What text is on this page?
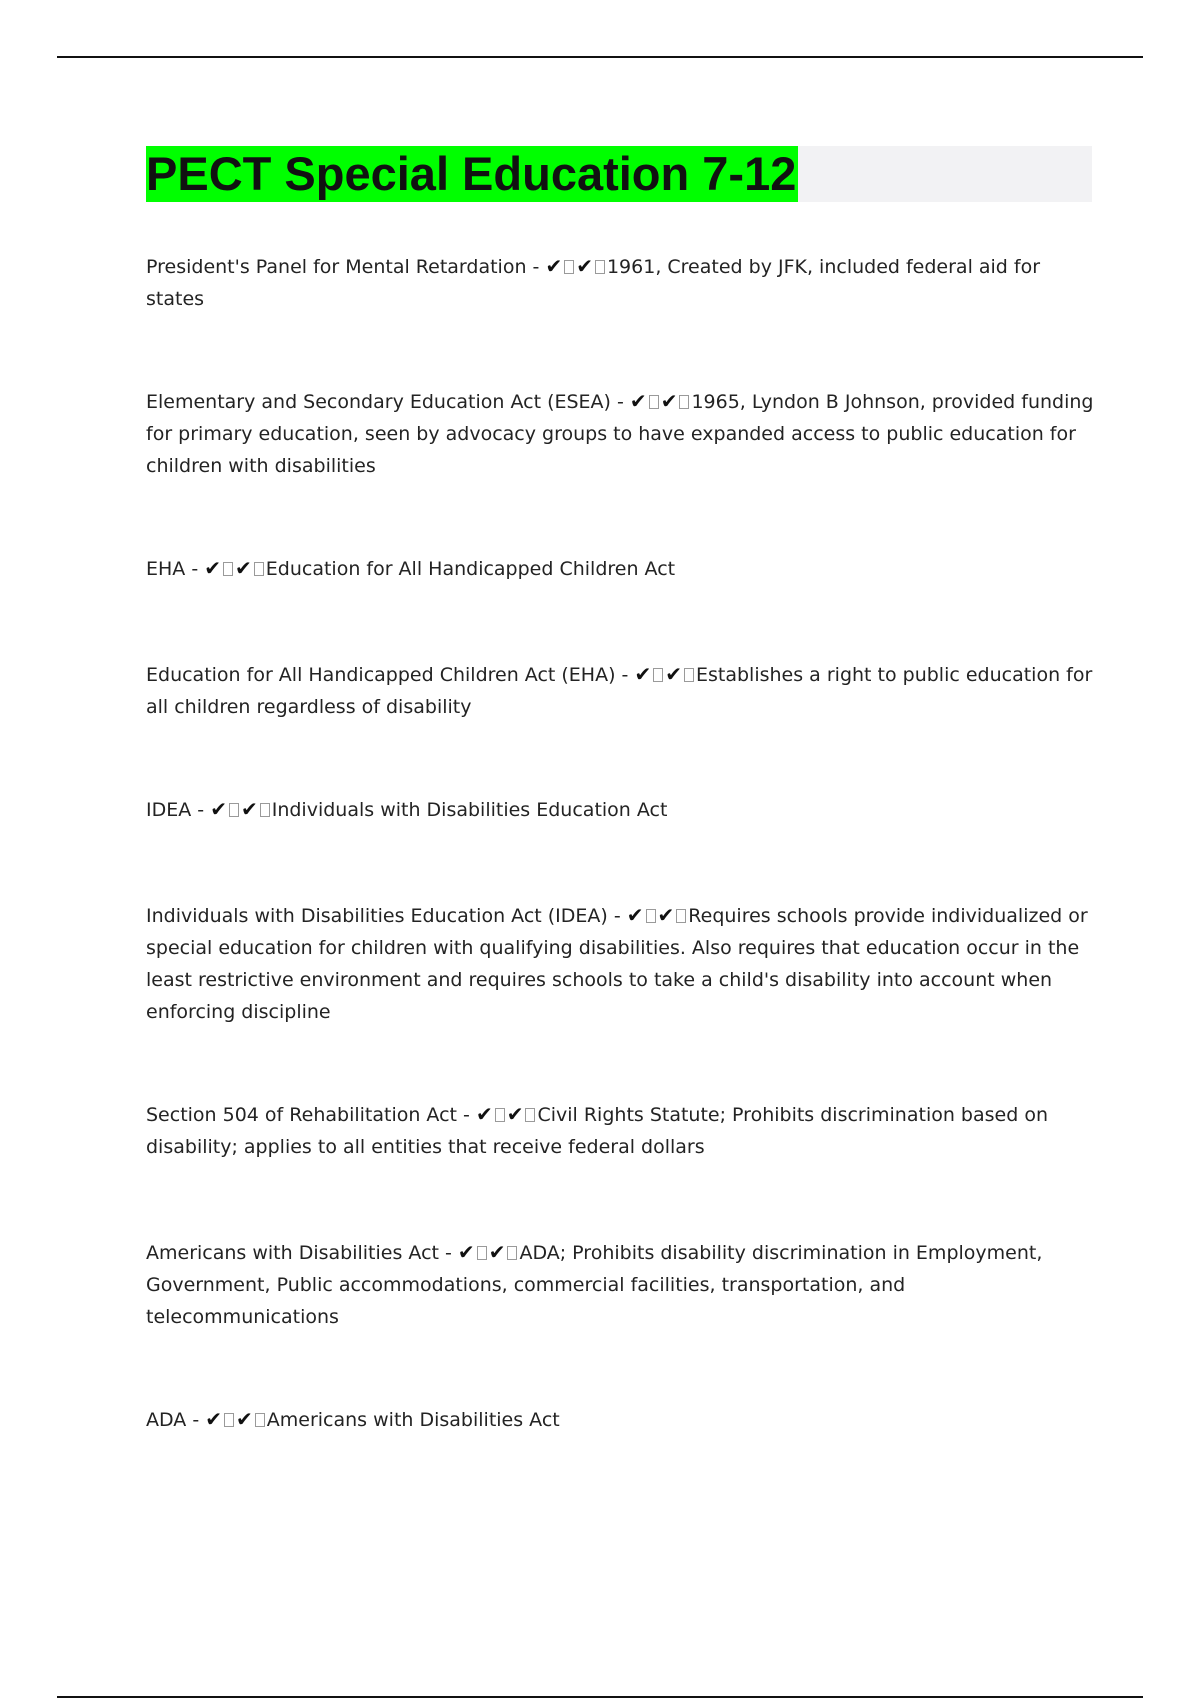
PECT Special Education 7-12

President's Panel for Mental Retardation - ✔ ✔ 1961, Created by JFK, included federal aid for states

Elementary and Secondary Education Act (ESEA) - ✔ ✔ 1965, Lyndon B Johnson, provided funding for primary education, seen by advocacy groups to have expanded access to public education for children with disabilities

EHA - ✔ ✔ Education for All Handicapped Children Act

Education for All Handicapped Children Act (EHA) - ✔ ✔ Establishes a right to public education for all children regardless of disability

IDEA - ✔ ✔ Individuals with Disabilities Education Act

Individuals with Disabilities Education Act (IDEA) - ✔ ✔ Requires schools provide individualized or special education for children with qualifying disabilities. Also requires that education occur in the least restrictive environment and requires schools to take a child's disability into account when enforcing discipline

Section 504 of Rehabilitation Act - ✔ ✔ Civil Rights Statute; Prohibits discrimination based on disability; applies to all entities that receive federal dollars

Americans with Disabilities Act - ✔ ✔ ADA; Prohibits disability discrimination in Employment, Government, Public accommodations, commercial facilities, transportation, and telecommunications

ADA - ✔ ✔ Americans with Disabilities Act
